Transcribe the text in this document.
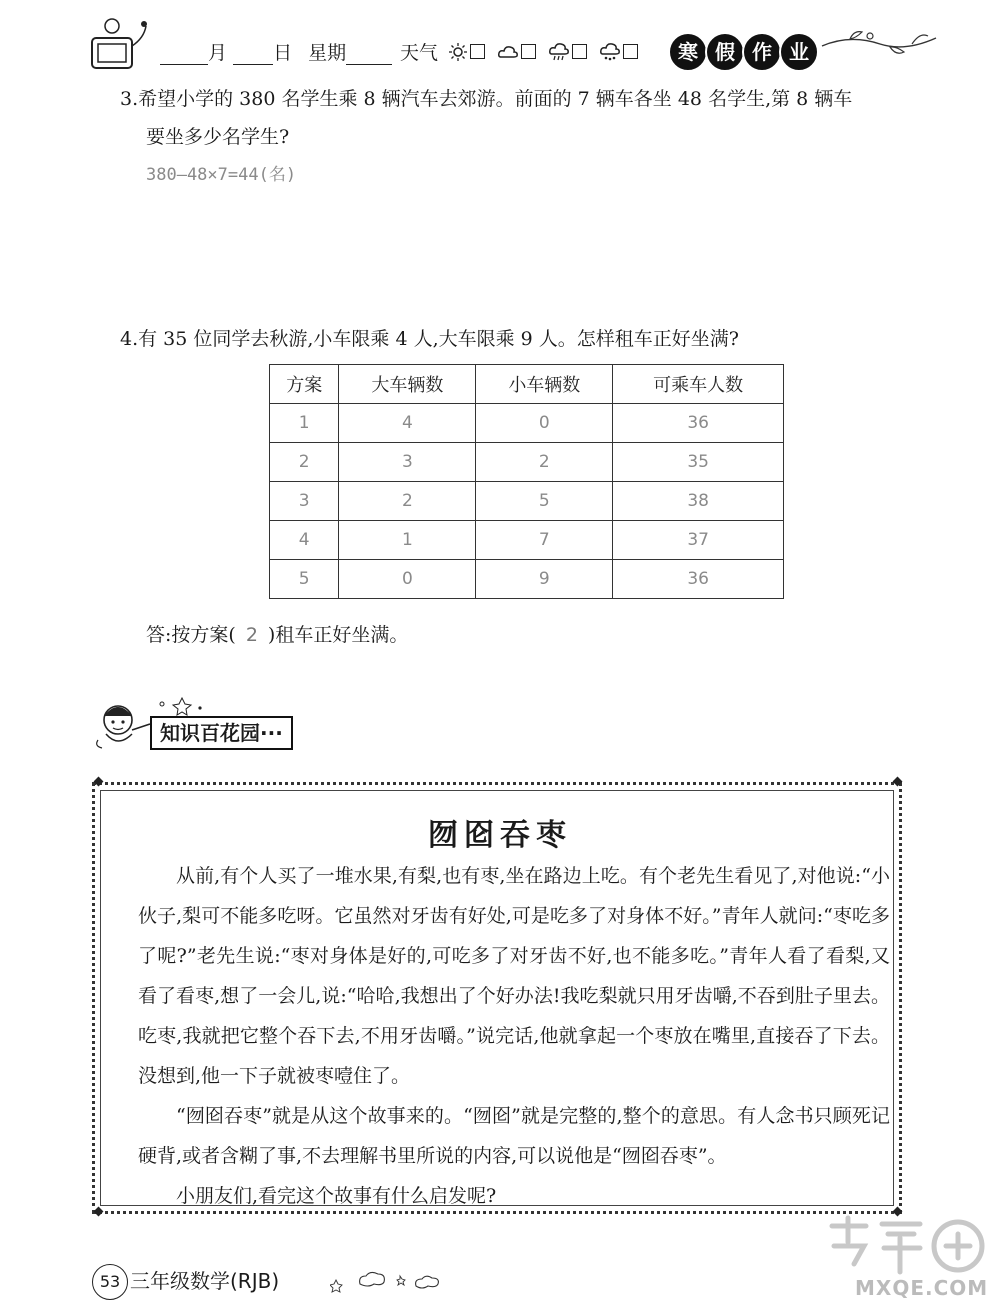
月 日 星期	天气	寒 假 作 业
3.希望小学的 380 名学生乘 8 辆汽车去郊游。前面的 7 辆车各坐 48 名学生,第 8 辆车
要坐多少名学生?
380—48×7=44(名)
4.有 35 位同学去秋游,小车限乘 4 人,大车限乘 9 人。怎样租车正好坐满?
方案	大车辆数	小车辆数	可乘车人数
1	4	0	36
2	3	2	35
3	2	5	38
4	1	7	37
5	0	9	36
答:按方案( 2 )租车正好坐满。
知识百花园···
囫囵吞枣
从前,有个人买了一堆水果,有梨,也有枣,坐在路边上吃。有个老先生看见了,对他说:“小伙子,梨可不能多吃呀。它虽然对牙齿有好处,可是吃多了对身体不好。”青年人就问:“枣吃多了呢?”老先生说:“枣对身体是好的,可吃多了对牙齿不好,也不能多吃。”青年人看了看梨,又看了看枣,想了一会儿,说:“哈哈,我想出了个好办法!我吃梨就只用牙齿嚼,不吞到肚子里去。吃枣,我就把它整个吞下去,不用牙齿嚼。”说完话,他就拿起一个枣放在嘴里,直接吞了下去。没想到,他一下子就被枣噎住了。
“囫囵吞枣”就是从这个故事来的。“囫囵”就是完整的,整个的意思。有人念书只顾死记硬背,或者含糊了事,不去理解书里所说的内容,可以说他是“囫囵吞枣”。
小朋友们,看完这个故事有什么启发呢?
53 三年级数学(RJB)	MXQE.COM
